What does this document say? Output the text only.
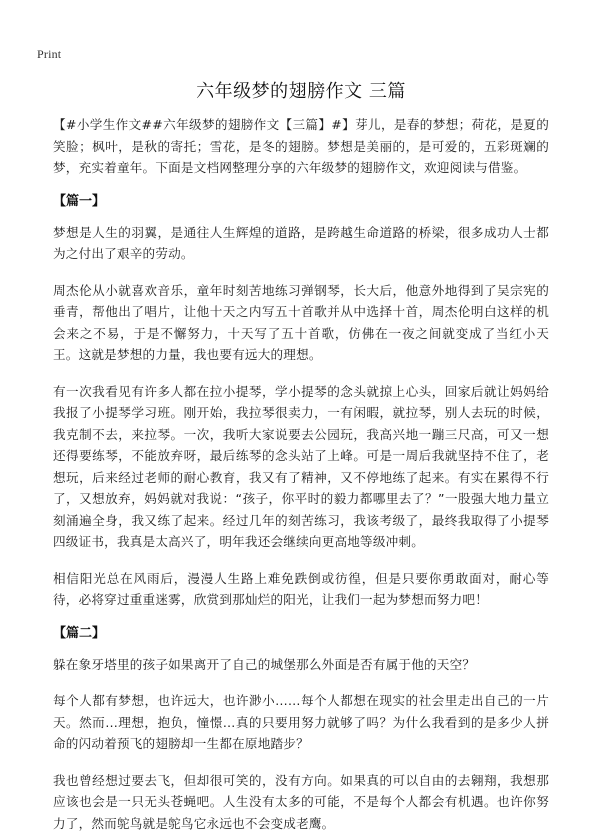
Print
六年级梦的翅膀作文 三篇

【#小学生作文##六年级梦的翅膀作文【三篇】#】芽儿，是春的梦想；荷花，是夏的笑脸；枫叶，是秋的寄托；雪花，是冬的翅膀。梦想是美丽的，是可爱的，五彩斑斓的梦，充实着童年。下面是文档网整理分享的六年级梦的翅膀作文，欢迎阅读与借鉴。

【篇一】

梦想是人生的羽翼，是通往人生辉煌的道路，是跨越生命道路的桥梁，很多成功人士都为之付出了艰辛的劳动。

周杰伦从小就喜欢音乐，童年时刻苦地练习弹钢琴，长大后，他意外地得到了吴宗宪的垂青，帮他出了唱片，让他十天之内写五十首歌并从中选择十首，周杰伦明白这样的机会来之不易，于是不懈努力，十天写了五十首歌，仿佛在一夜之间就变成了当红小天王。这就是梦想的力量，我也要有远大的理想。

有一次我看见有许多人都在拉小提琴，学小提琴的念头就掠上心头，回家后就让妈妈给我报了小提琴学习班。刚开始，我拉琴很卖力，一有闲暇，就拉琴，别人去玩的时候，我克制不去，来拉琴。一次，我听大家说要去公园玩，我高兴地一蹦三尺高，可又一想还得要练琴，不能放弃呀，最后练琴的念头站了上峰。可是一周后我就坚持不住了，老想玩，后来经过老师的耐心教育，我又有了精神，又不停地练了起来。有实在累得不行了，又想放弃，妈妈就对我说：“孩子，你平时的毅力都哪里去了？”一股强大地力量立刻涌遍全身，我又练了起来。经过几年的刻苦练习，我该考级了，最终我取得了小提琴四级证书，我真是太高兴了，明年我还会继续向更高地等级冲刺。

相信阳光总在风雨后，漫漫人生路上难免跌倒或彷徨，但是只要你勇敢面对，耐心等待，必将穿过重重迷雾，欣赏到那灿烂的阳光，让我们一起为梦想而努力吧！

【篇二】

躲在象牙塔里的孩子如果离开了自己的城堡那么外面是否有属于他的天空？

每个人都有梦想，也许远大，也许渺小……每个人都想在现实的社会里走出自己的一片天。然而…理想，抱负，憧憬…真的只要用努力就够了吗？为什么我看到的是多少人拼命的闪动着预飞的翅膀却一生都在原地踏步？

我也曾经想过要去飞，但却很可笑的，没有方向。如果真的可以自由的去翱翔，我想那应该也会是一只无头苍蝇吧。人生没有太多的可能，不是每个人都会有机遇。也许你努力了，然而鸵鸟就是鸵鸟它永远也不会变成老鹰。
